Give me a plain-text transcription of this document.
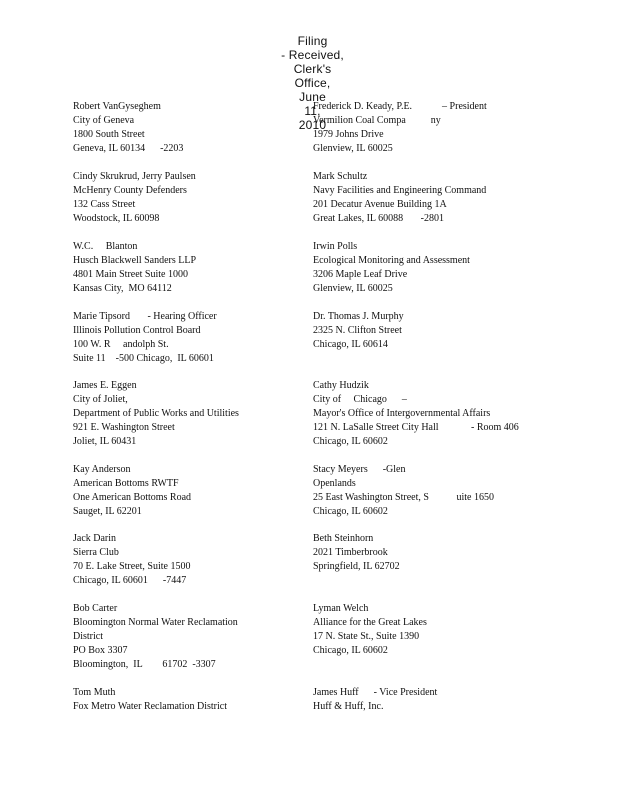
Filing
- Received,
Clerk's
Office,
June
11,
2010

Robert VanGyseghem
City of Geneva
1800 South Street
Geneva, IL 60134      -2203
Cindy Skrukrud, Jerry Paulsen
McHenry County Defenders
132 Cass Street
Woodstock, IL 60098
W.C.     Blanton
Husch Blackwell Sanders LLP
4801 Main Street Suite 1000
Kansas City,  MO 64112
Marie Tipsord       - Hearing Officer
Illinois Pollution Control Board
100 W. R     andolph St.
Suite 11    -500 Chicago,  IL 60601
James E. Eggen
City of Joliet,
Department of Public Works and Utilities
921 E. Washington Street
Joliet, IL 60431
Kay Anderson
American Bottoms RWTF
One American Bottoms Road
Sauget, IL 62201
Jack Darin
Sierra Club
70 E. Lake Street, Suite 1500
Chicago, IL 60601      -7447
Bob Carter
Bloomington Normal Water Reclamation
District
PO Box 3307
Bloomington,  IL        61702  -3307
Tom Muth
Fox Metro Water Reclamation District
Frederick D. Keady, P.E.            – President
Vermilion Coal Compa          ny
1979 Johns Drive
Glenview, IL 60025
Mark Schultz
Navy Facilities and Engineering Command
201 Decatur Avenue Building 1A
Great Lakes, IL 60088       -2801
Irwin Polls
Ecological Monitoring and Assessment
3206 Maple Leaf Drive
Glenview, IL 60025
Dr. Thomas J. Murphy
2325 N. Clifton Street
Chicago, IL 60614
Cathy Hudzik
City of     Chicago      –
Mayor's Office of Intergovernmental Affairs
121 N. LaSalle Street City Hall             - Room 406
Chicago, IL 60602
Stacy Meyers      -Glen
Openlands
25 East Washington Street, S           uite 1650
Chicago, IL 60602
Beth Steinhorn
2021 Timberbrook
Springfield, IL 62702
Lyman Welch
Alliance for the Great Lakes
17 N. State St., Suite 1390
Chicago, IL 60602
James Huff      - Vice President
Huff & Huff, Inc.
